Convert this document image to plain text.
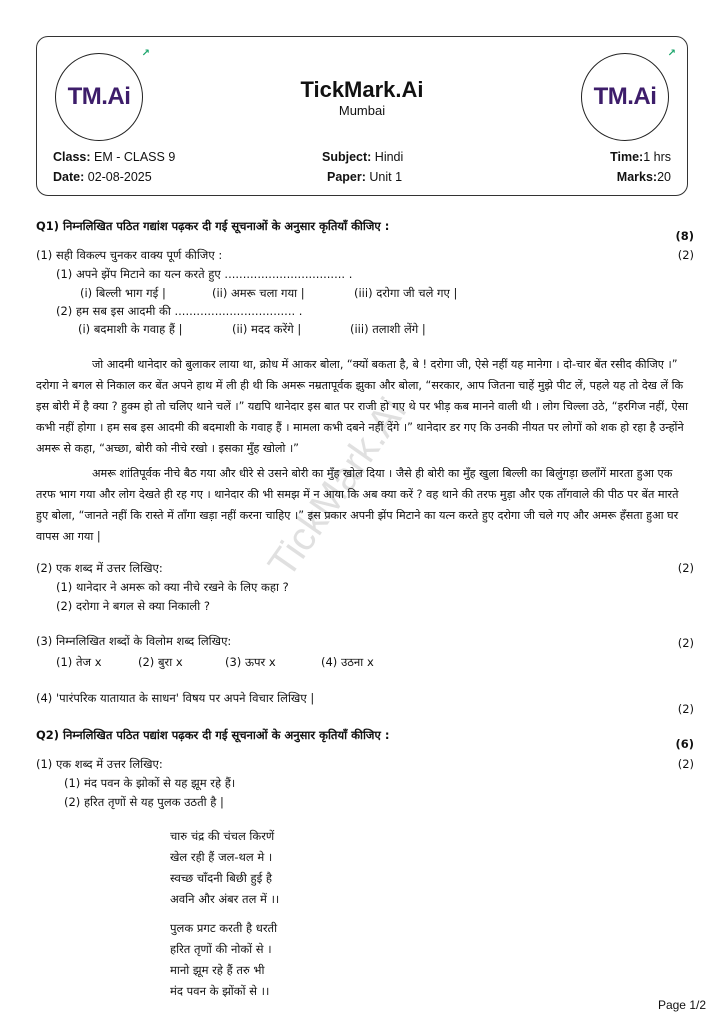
TM.Ai
↗
TickMark.Ai
Mumbai
TM.Ai
↗
Class: EM - CLASS 9	Subject: Hindi	Time:1 hrs
Date: 02-08-2025	Paper: Unit 1	Marks:20
TickMark.Ai
Q1) निम्नलिखित पठित गद्यांश पढ़कर दी गई सूचनाओं के अनुसार कृतियाँ कीजिए :
(8)
(1) सही विकल्प चुनकर वाक्य पूर्ण कीजिए :	(2)
(1) अपने झेंप मिटाने का यत्न करते हुए ................................. .
(i) बिल्ली भाग गई |	(ii) अमरू चला गया |	(iii) दरोगा जी चले गए |
(2) हम सब इस आदमी की ................................. .
(i) बदमाशी के गवाह हैं |	(ii) मदद करेंगे |	(iii) तलाशी लेंगे |
जो आदमी थानेदार को बुलाकर लाया था, क्रोध में आकर बोला, “क्यों बकता है, बे ! दरोगा जी, ऐसे नहीं यह मानेगा । दो-चार बेंत रसीद कीजिए ।” दरोगा ने बगल से निकाल कर बेंत अपने हाथ में ली ही थी कि अमरू नम्रतापूर्वक झुका और बोला, “सरकार, आप जितना चाहें मुझे पीट लें, पहले यह तो देख लें कि इस बोरी में है क्या ? हुक्म हो तो चलिए थाने चलें ।” यद्यपि थानेदार इस बात पर राजी हो गए थे पर भीड़ कब मानने वाली थी । लोग चिल्ला उठे, “हरगिज नहीं, ऐसा कभी नहीं होगा । हम सब इस आदमी की बदमाशी के गवाह हैं । मामला कभी दबने नहीं देंगे ।” थानेदार डर गए कि उनकी नीयत पर लोगों को शक हो रहा है उन्होंने अमरू से कहा, “अच्छा, बोरी को नीचे रखो । इसका मुँह खोलो ।”
अमरू शांतिपूर्वक नीचे बैठ गया और धीरे से उसने बोरी का मुँह खोल दिया । जैसे ही बोरी का मुँह खुला बिल्ली का बिलुंगड़ा छलाँगें मारता हुआ एक तरफ भाग गया और लोग देखते ही रह गए । थानेदार की भी समझ में न आया कि अब क्या करें ? वह थाने की तरफ मुड़ा और एक ताँगवाले की पीठ पर बेंत मारते हुए बोला, “जानते नहीं कि रास्ते में ताँगा खड़ा नहीं करना चाहिए ।” इस प्रकार अपनी झेंप मिटाने का यत्न करते हुए दरोगा जी चले गए और अमरू हँसता हुआ घर वापस आ गया |
(2) एक शब्द में उत्तर लिखिए:	(2)
(1) थानेदार ने अमरू को क्या नीचे रखने के लिए कहा ?
(2) दरोगा ने बगल से क्या निकाली ?
(3) निम्नलिखित शब्दों के विलोम शब्द लिखिए:	(2)
(1) तेज x	(2) बुरा x	(3) ऊपर x	(4) उठना x
(4) 'पारंपरिक यातायात के साधन' विषय पर अपने विचार लिखिए |
(2)
Q2) निम्नलिखित पठित पद्यांश पढ़कर दी गई सूचनाओं के अनुसार कृतियाँ कीजिए :
(6)
(1) एक शब्द में उत्तर लिखिए:	(2)
(1) मंद पवन के झोकों से यह झूम रहे हैं।
(2) हरित तृणों से यह पुलक उठती है |
चारु चंद्र की चंचल किरणें
खेल रही हैं जल-थल मे ।
स्वच्छ चाँदनी बिछी हुई है
अवनि और अंबर तल में ।।
पुलक प्रगट करती है धरती
हरित तृणों की नोकों से ।
मानो झूम रहे हैं तरु भी
मंद पवन के झोंकों से ।।
Page 1/2
